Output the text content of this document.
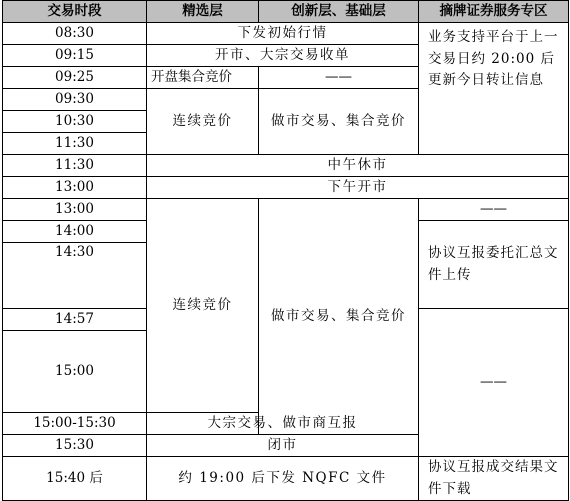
交易时段	精选层	创新层、基础层	摘牌证券服务专区	
08:30	下发初始行情		业务支持平台于上一交易日约 20:00 后更新今日转让信息	
09:15	开市、大宗交易收单			
09:25	开盘集合竞价	——		
09:30	连续竞价	做市交易、集合竞价		
10:30				
11:30				
11:30	中午休市			
13:00	下午开市			
13:00	连续竞价	做市交易、集合竞价	——	
14:00			协议互报委托汇总文件上传	
14:30				
14:57			——	
15:00	
15:00-15:30	大宗交易、做市商互报			
15:30	闭市			
15:40 后	约 19:00 后下发 NQFC 文件		协议互报成交结果文件下载	
